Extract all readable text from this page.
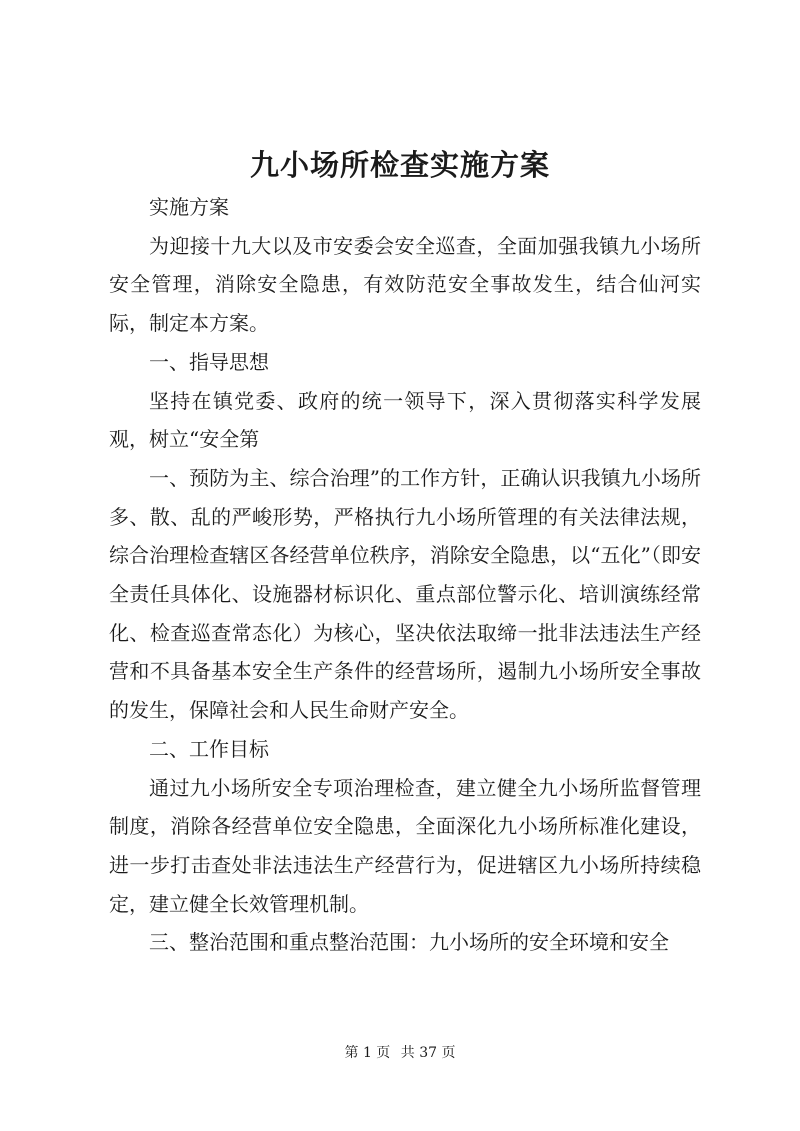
九小场所检查实施方案

实施方案

为迎接十九大以及市安委会安全巡查，全面加强我镇九小场所安全管理，消除安全隐患，有效防范安全事故发生，结合仙河实际，制定本方案。

一、指导思想

坚持在镇党委、政府的统一领导下，深入贯彻落实科学发展观，树立“安全第

一、预防为主、综合治理”的工作方针，正确认识我镇九小场所多、散、乱的严峻形势，严格执行九小场所管理的有关法律法规，综合治理检查辖区各经营单位秩序，消除安全隐患，以“五化”（即安全责任具体化、设施器材标识化、重点部位警示化、培训演练经常化、检查巡查常态化）为核心，坚决依法取缔一批非法违法生产经营和不具备基本安全生产条件的经营场所，遏制九小场所安全事故的发生，保障社会和人民生命财产安全。

二、工作目标

通过九小场所安全专项治理检查，建立健全九小场所监督管理制度，消除各经营单位安全隐患，全面深化九小场所标准化建设，进一步打击查处非法违法生产经营行为，促进辖区九小场所持续稳定，建立健全长效管理机制。

三、整治范围和重点整治范围：九小场所的安全环境和安全

第 1 页 共 37 页
